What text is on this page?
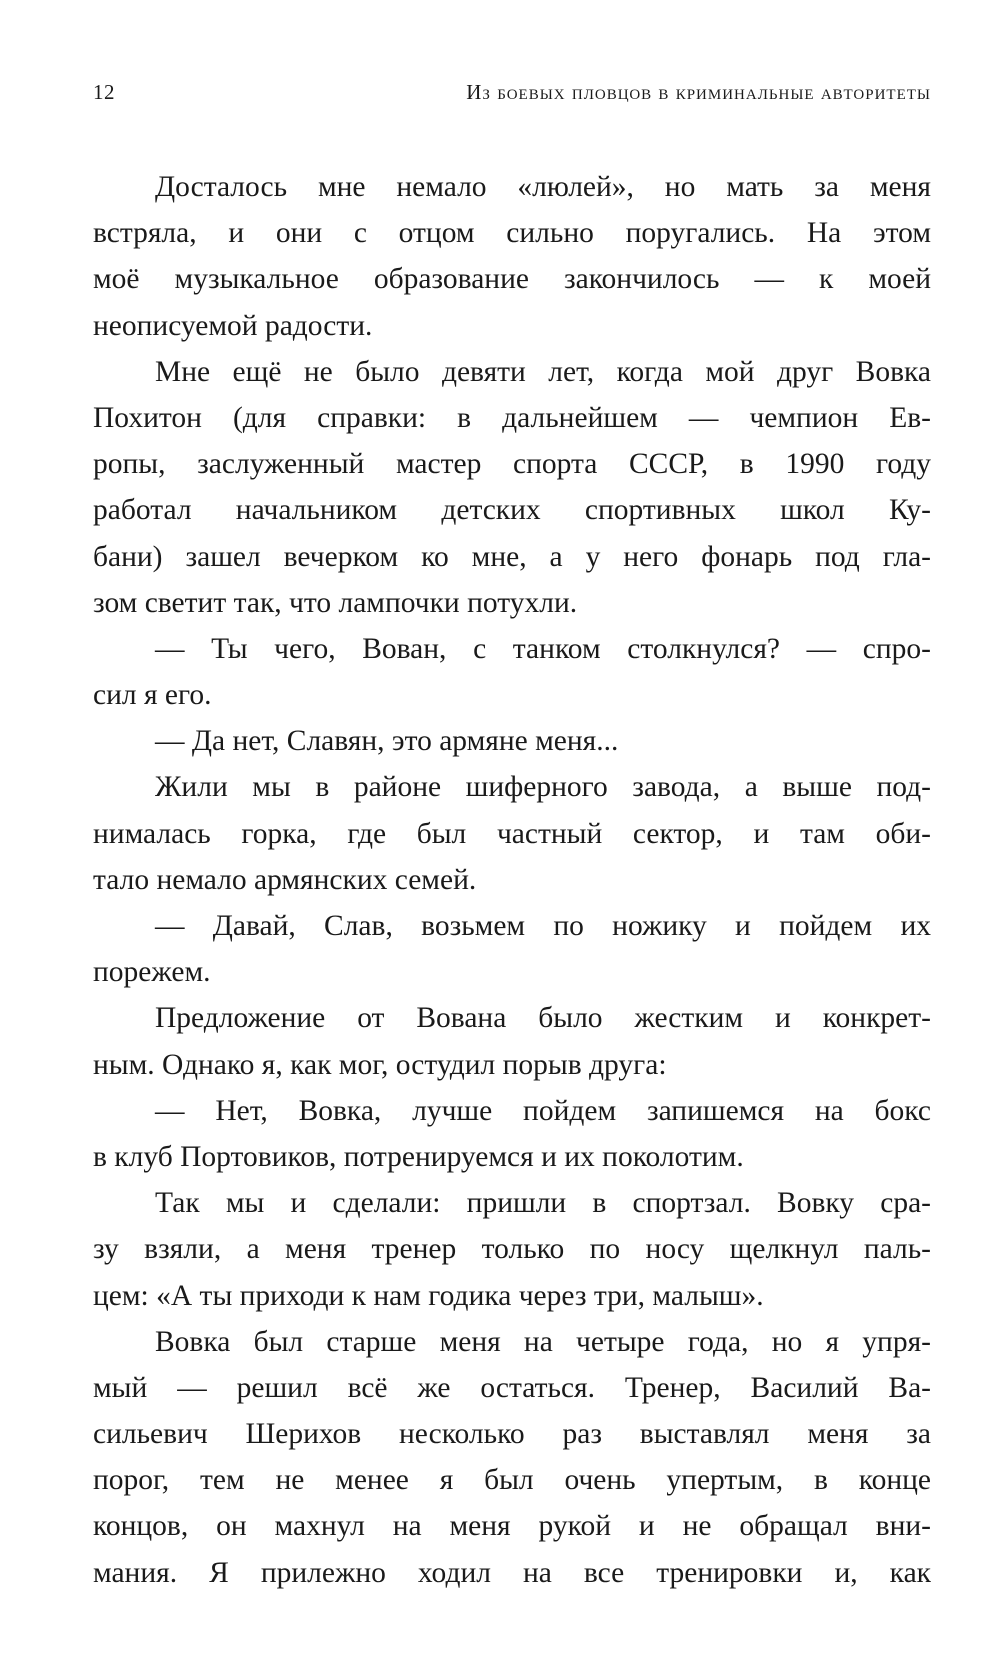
12	Из боевых пловцов в криминальные авторитеты
Досталось мне немало «люлей», но мать за меня
встряла, и они с отцом сильно поругались. На этом
моё музыкальное образование закончилось — к моей
неописуемой радости.
Мне ещё не было девяти лет, когда мой друг Вовка
Похитон (для справки: в дальнейшем — чемпион Ев-
ропы, заслуженный мастер спорта СССР, в 1990 году
работал начальником детских спортивных школ Ку-
бани) зашел вечерком ко мне, а у него фонарь под гла-
зом светит так, что лампочки потухли.
— Ты чего, Вован, с танком столкнулся? — спро-
сил я его.
— Да нет, Славян, это армяне меня...
Жили мы в районе шиферного завода, а выше под-
нималась горка, где был частный сектор, и там оби-
тало немало армянских семей.
— Давай, Слав, возьмем по ножику и пойдем их
порежем.
Предложение от Вована было жестким и конкрет-
ным. Однако я, как мог, остудил порыв друга:
— Нет, Вовка, лучше пойдем запишемся на бокс
в клуб Портовиков, потренируемся и их поколотим.
Так мы и сделали: пришли в спортзал. Вовку сра-
зу взяли, а меня тренер только по носу щелкнул паль-
цем: «А ты приходи к нам годика через три, малыш».
Вовка был старше меня на четыре года, но я упря-
мый — решил всё же остаться. Тренер, Василий Ва-
сильевич Шерихов несколько раз выставлял меня за
порог, тем не менее я был очень упертым, в конце
концов, он махнул на меня рукой и не обращал вни-
мания. Я прилежно ходил на все тренировки и, как
